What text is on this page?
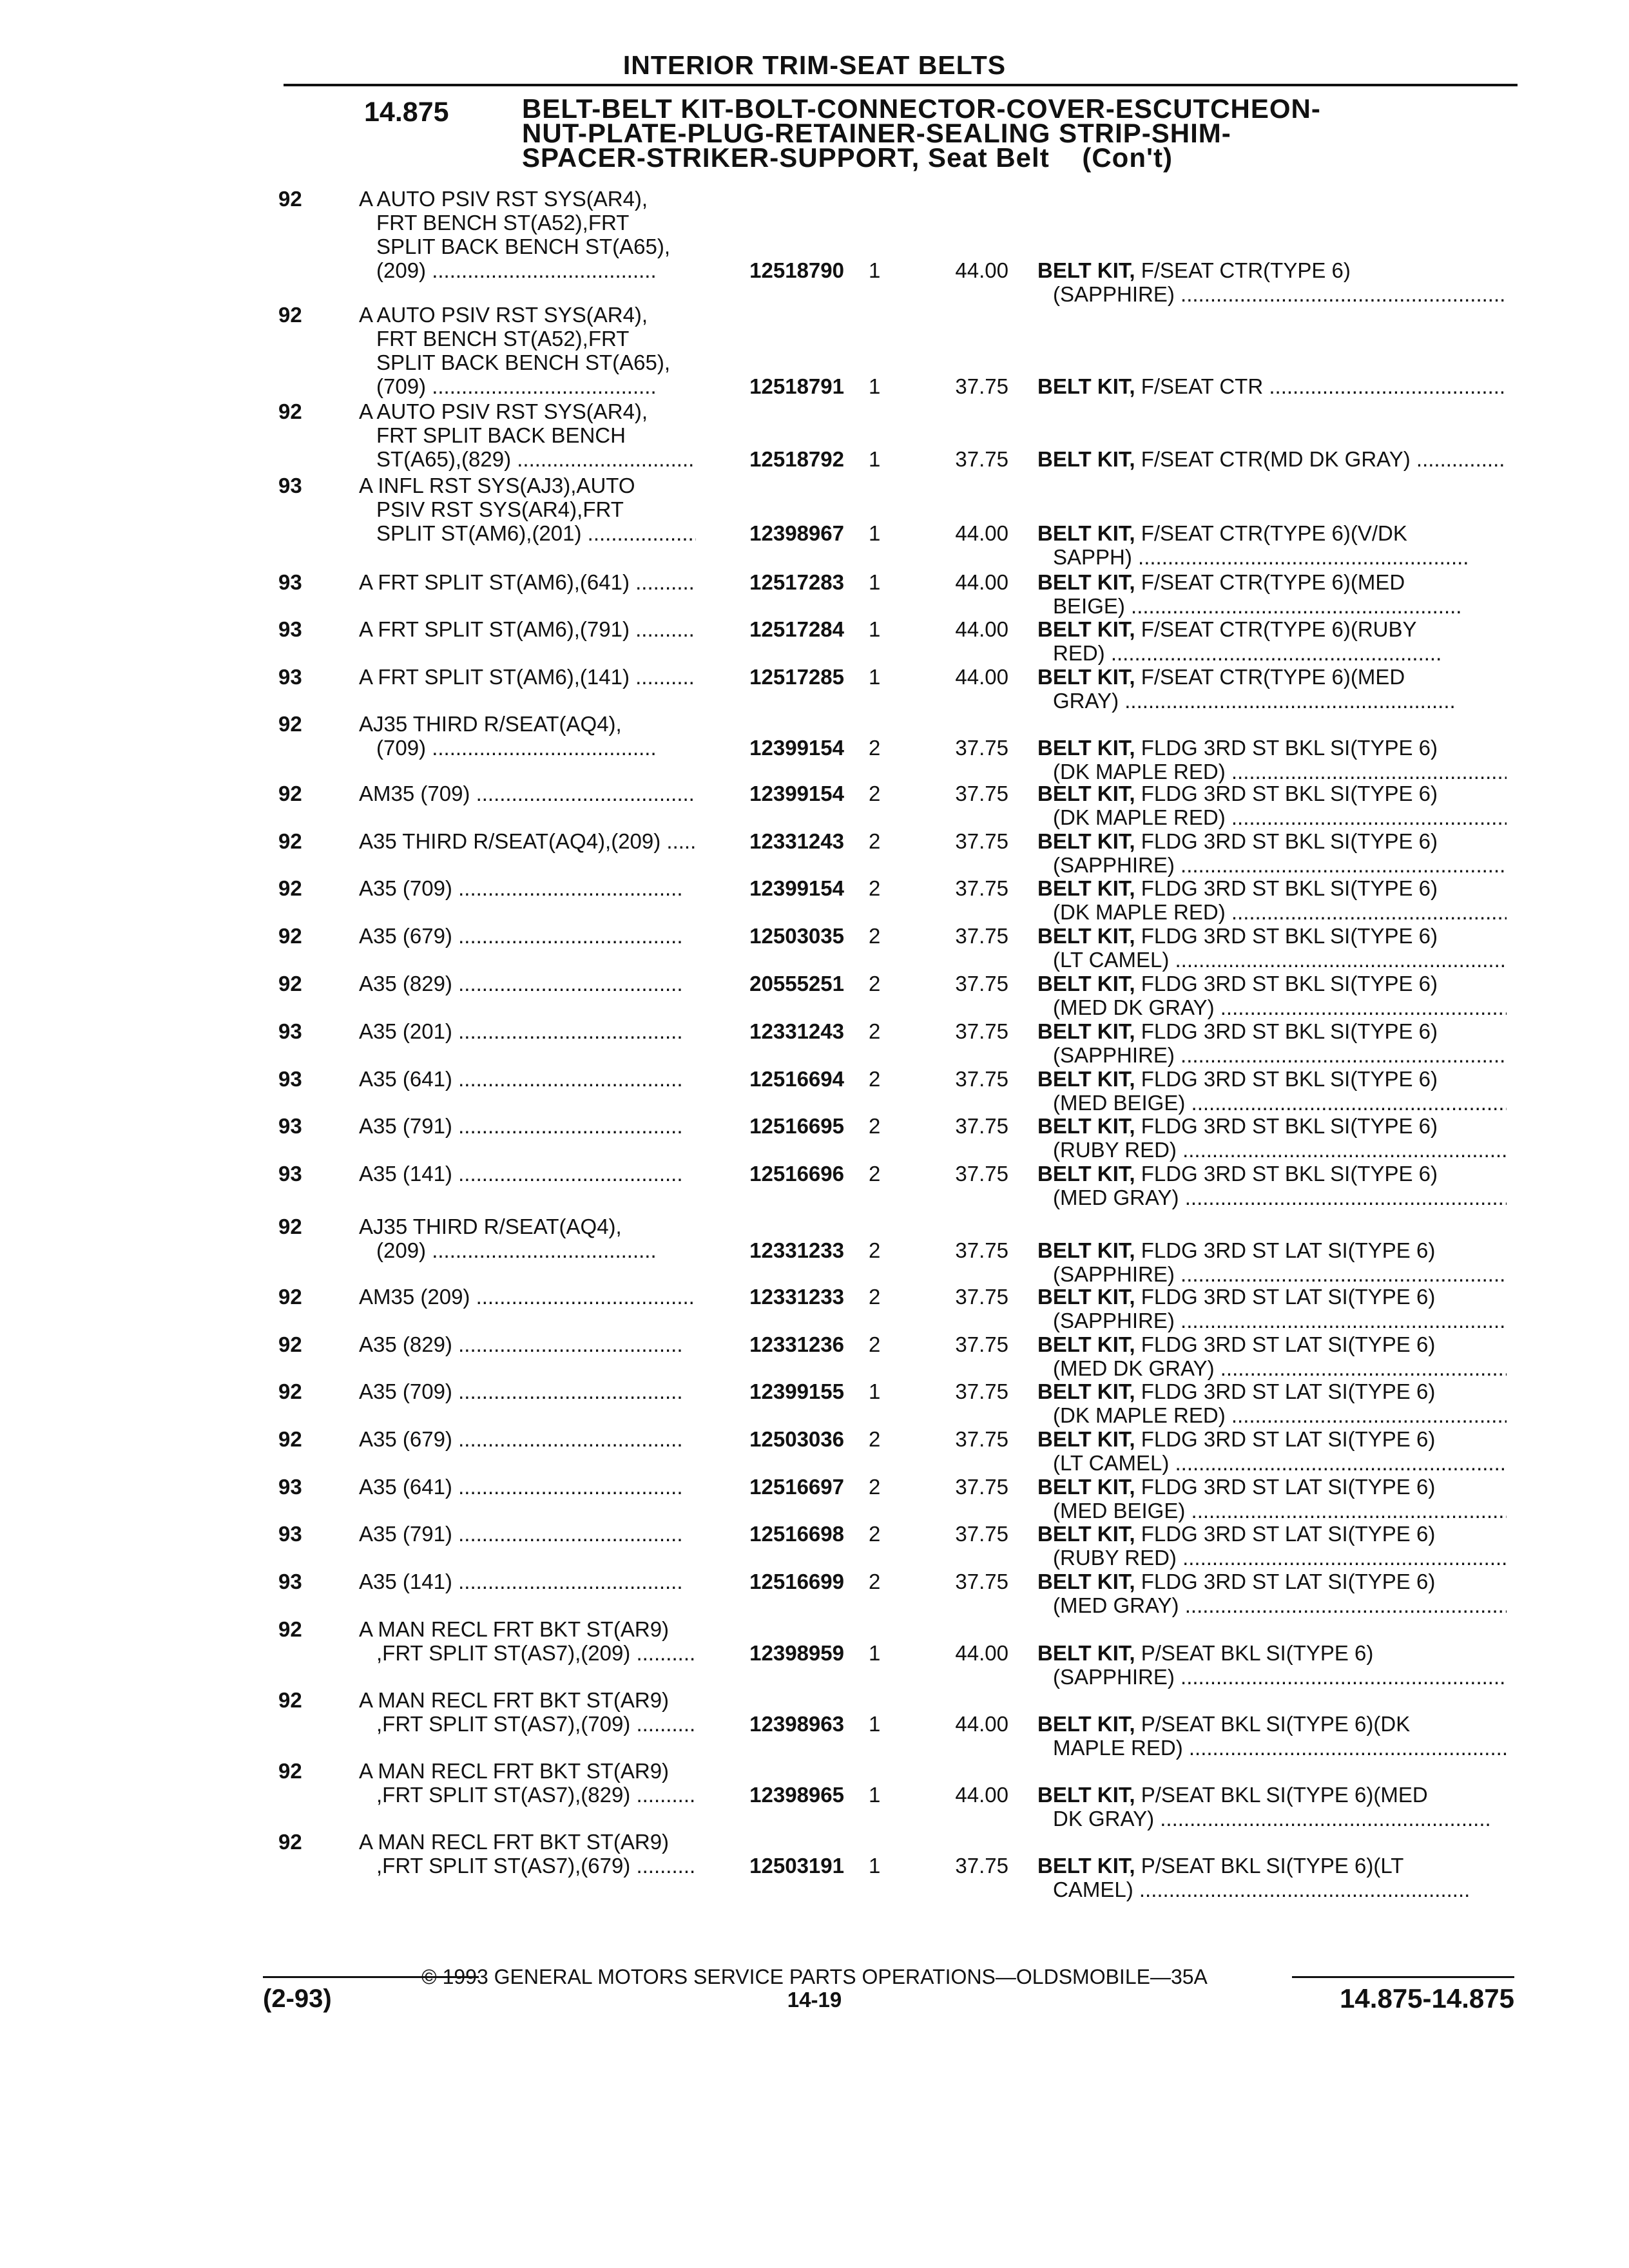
INTERIOR TRIM-SEAT BELTS
14.875	BELT-BELT KIT-BOLT-CONNECTOR-COVER-ESCUTCHEON-
NUT-PLATE-PLUG-RETAINER-SEALING STRIP-SHIM-
SPACER-STRIKER-SUPPORT, Seat Belt    (Con't)
92	A AUTO PSIV RST SYS(AR4),
FRT BENCH ST(A52),FRT
SPLIT BACK BENCH ST(A65),
(209) .....	12518790 1	44.00 BELT KIT, F/SEAT CTR(TYPE 6)
(SAPPHIRE) .....
92	A AUTO PSIV RST SYS(AR4),
FRT BENCH ST(A52),FRT
SPLIT BACK BENCH ST(A65),
(709) .....	12518791 1	37.75 BELT KIT, F/SEAT CTR .....
92	A AUTO PSIV RST SYS(AR4),
FRT SPLIT BACK BENCH
ST(A65),(829) .....	12518792 1	37.75 BELT KIT, F/SEAT CTR(MD DK GRAY) .....
93	A INFL RST SYS(AJ3),AUTO
PSIV RST SYS(AR4),FRT
SPLIT ST(AM6),(201) .....	12398967 1	44.00 BELT KIT, F/SEAT CTR(TYPE 6)(V/DK
SAPPH) .....
93	A FRT SPLIT ST(AM6),(641) .....	12517283 1	44.00 BELT KIT, F/SEAT CTR(TYPE 6)(MED
BEIGE) .....
93	A FRT SPLIT ST(AM6),(791) .....	12517284 1	44.00 BELT KIT, F/SEAT CTR(TYPE 6)(RUBY
RED) .....
93	A FRT SPLIT ST(AM6),(141) .....	12517285 1	44.00 BELT KIT, F/SEAT CTR(TYPE 6)(MED
GRAY) .....
92	AJ35 THIRD R/SEAT(AQ4),
(709) .....	12399154 2	37.75 BELT KIT, FLDG 3RD ST BKL SI(TYPE 6)
(DK MAPLE RED) .....
92	AM35 (709) .....	12399154 2	37.75 BELT KIT, FLDG 3RD ST BKL SI(TYPE 6)
(DK MAPLE RED) .....
92	A35 THIRD R/SEAT(AQ4),(209) .....	12331243 2	37.75 BELT KIT, FLDG 3RD ST BKL SI(TYPE 6)
(SAPPHIRE) .....
92	A35 (709) .....	12399154 2	37.75 BELT KIT, FLDG 3RD ST BKL SI(TYPE 6)
(DK MAPLE RED) .....
92	A35 (679) .....	12503035 2	37.75 BELT KIT, FLDG 3RD ST BKL SI(TYPE 6)
(LT CAMEL) .....
92	A35 (829) .....	20555251 2	37.75 BELT KIT, FLDG 3RD ST BKL SI(TYPE 6)
(MED DK GRAY) .....
93	A35 (201) .....	12331243 2	37.75 BELT KIT, FLDG 3RD ST BKL SI(TYPE 6)
(SAPPHIRE) .....
93	A35 (641) .....	12516694 2	37.75 BELT KIT, FLDG 3RD ST BKL SI(TYPE 6)
(MED BEIGE) .....
93	A35 (791) .....	12516695 2	37.75 BELT KIT, FLDG 3RD ST BKL SI(TYPE 6)
(RUBY RED) .....
93	A35 (141) .....	12516696 2	37.75 BELT KIT, FLDG 3RD ST BKL SI(TYPE 6)
(MED GRAY) .....
92	AJ35 THIRD R/SEAT(AQ4),
(209) .....	12331233 2	37.75 BELT KIT, FLDG 3RD ST LAT SI(TYPE 6)
(SAPPHIRE) .....
92	AM35 (209) .....	12331233 2	37.75 BELT KIT, FLDG 3RD ST LAT SI(TYPE 6)
(SAPPHIRE) .....
92	A35 (829) .....	12331236 2	37.75 BELT KIT, FLDG 3RD ST LAT SI(TYPE 6)
(MED DK GRAY) .....
92	A35 (709) .....	12399155 1	37.75 BELT KIT, FLDG 3RD ST LAT SI(TYPE 6)
(DK MAPLE RED) .....
92	A35 (679) .....	12503036 2	37.75 BELT KIT, FLDG 3RD ST LAT SI(TYPE 6)
(LT CAMEL) .....
93	A35 (641) .....	12516697 2	37.75 BELT KIT, FLDG 3RD ST LAT SI(TYPE 6)
(MED BEIGE) .....
93	A35 (791) .....	12516698 2	37.75 BELT KIT, FLDG 3RD ST LAT SI(TYPE 6)
(RUBY RED) .....
93	A35 (141) .....	12516699 2	37.75 BELT KIT, FLDG 3RD ST LAT SI(TYPE 6)
(MED GRAY) .....
92	A MAN RECL FRT BKT ST(AR9)
,FRT SPLIT ST(AS7),(209) .....	12398959 1	44.00 BELT KIT, P/SEAT BKL SI(TYPE 6)
(SAPPHIRE) .....
92	A MAN RECL FRT BKT ST(AR9)
,FRT SPLIT ST(AS7),(709) .....	12398963 1	44.00 BELT KIT, P/SEAT BKL SI(TYPE 6)(DK
MAPLE RED) .....
92	A MAN RECL FRT BKT ST(AR9)
,FRT SPLIT ST(AS7),(829) .....	12398965 1	44.00 BELT KIT, P/SEAT BKL SI(TYPE 6)(MED
DK GRAY) .....
92	A MAN RECL FRT BKT ST(AR9)
,FRT SPLIT ST(AS7),(679) .....	12503191 1	37.75 BELT KIT, P/SEAT BKL SI(TYPE 6)(LT
CAMEL) .....
© 1993 GENERAL MOTORS SERVICE PARTS OPERATIONS—OLDSMOBILE—35A
(2-93)	14-19	14.875-14.875
